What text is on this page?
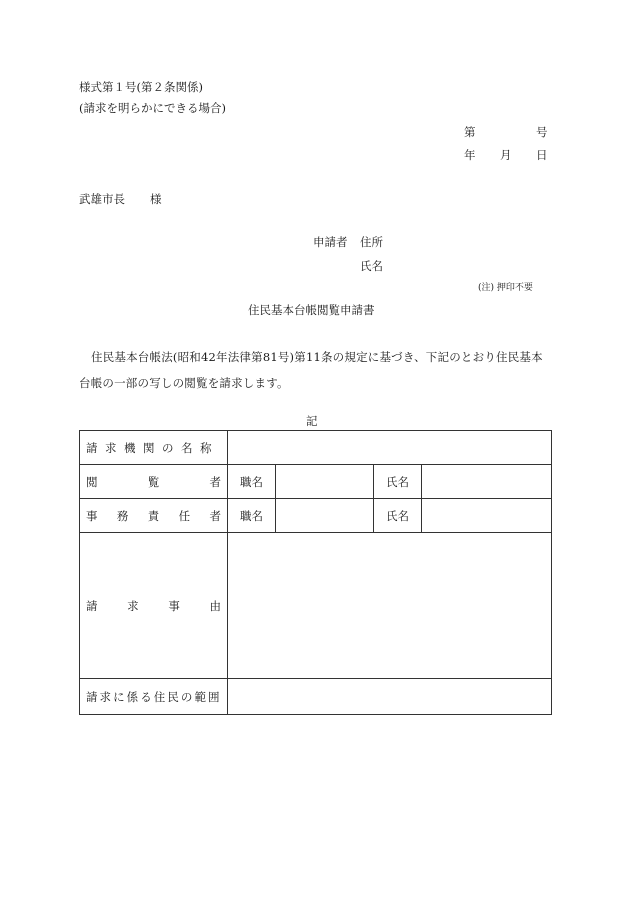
様式第１号(第２条関係)
(請求を明らかにできる場合)
第	号
年 月 日
武雄市長 様
申請者 住所
氏名
(注) 押印不要
住民基本台帳閲覧申請書
住民基本台帳法(昭和42年法律第81号)第11条の規定に基づき、下記のとおり住民基本台帳の一部の写しの閲覧を請求します。
記
請求機関の名称				

閲覧者	職名		氏名	

事務責任者	職名		氏名	

請求事由				

請求に係る住民の範囲				
